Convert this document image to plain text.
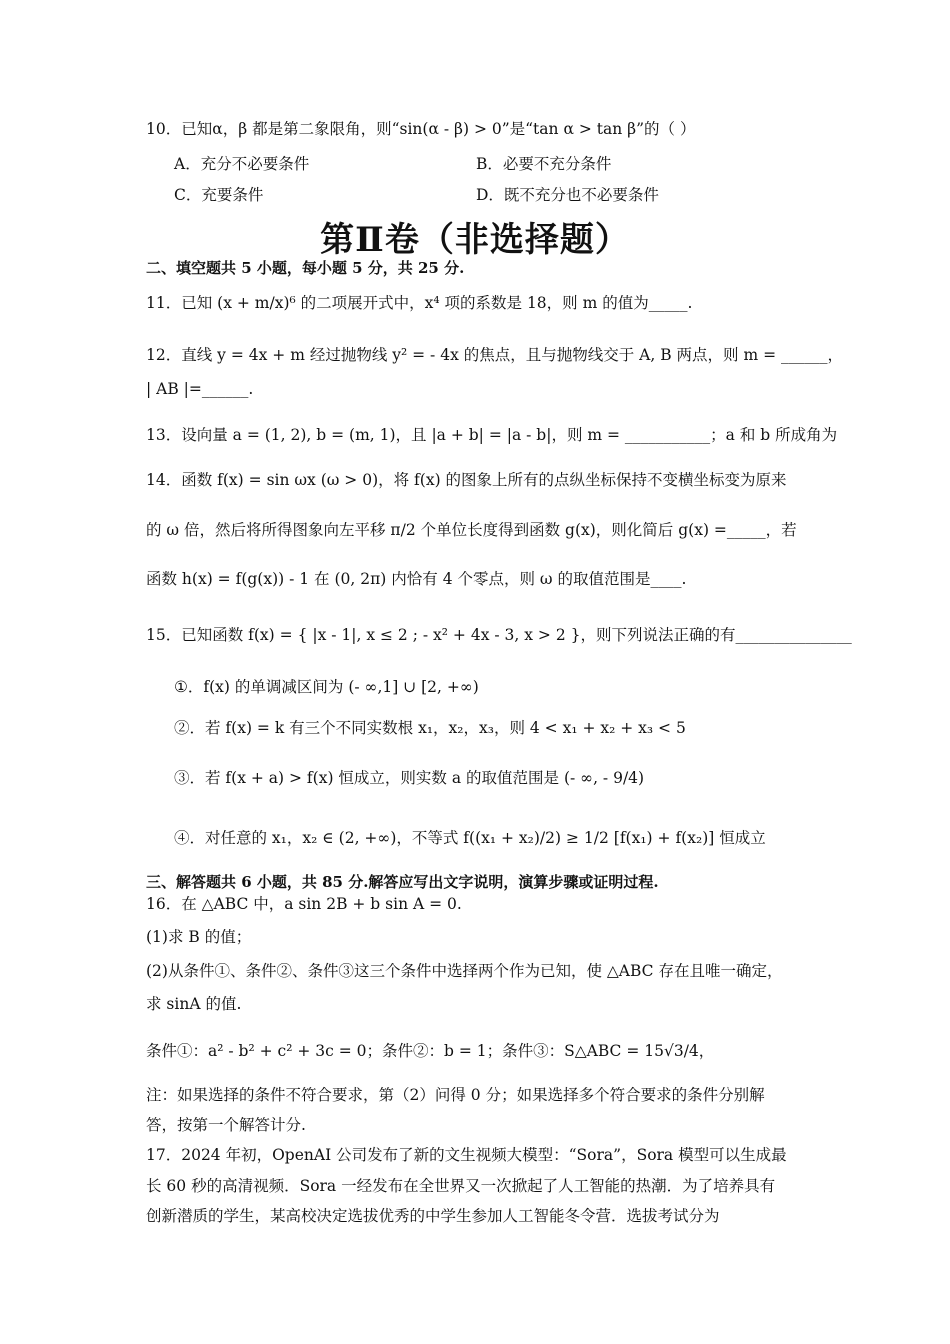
10．已知α，β 都是第二象限角，则“sin(α - β) > 0”是“tan α > tan β”的（ ）
A．充分不必要条件	B．必要不充分条件
C．充要条件	D．既不充分也不必要条件
第Ⅱ卷（非选择题）
二、填空题共 5 小题，每小题 5 分，共 25 分.
11．已知 (x + m/x)⁶ 的二项展开式中，x⁴ 项的系数是 18，则 m 的值为_____.
12．直线 y = 4x + m 经过抛物线 y² = - 4x 的焦点，且与抛物线交于 A, B 两点，则 m = ______，
| AB |=______.
13．设向量 a = (1, 2), b = (m, 1)，且 |a + b| = |a - b|，则 m = ___________；a 和 b 所成角为
14．函数 f(x) = sin ωx (ω > 0)，将 f(x) 的图象上所有的点纵坐标保持不变横坐标变为原来
的 ω 倍，然后将所得图象向左平移 π/2 个单位长度得到函数 g(x)，则化简后 g(x) =_____，若
函数 h(x) = f(g(x)) - 1 在 (0, 2π) 内恰有 4 个零点，则 ω 的取值范围是____.
15．已知函数 f(x) = { |x - 1|, x ≤ 2 ; - x² + 4x - 3, x > 2 }，则下列说法正确的有_______________
①．f(x) 的单调减区间为 (- ∞,1] ∪ [2, +∞)
②．若 f(x) = k 有三个不同实数根 x₁，x₂，x₃，则 4 < x₁ + x₂ + x₃ < 5
③．若 f(x + a) > f(x) 恒成立，则实数 a 的取值范围是 (- ∞, - 9/4)
④．对任意的 x₁，x₂ ∈ (2, +∞)，不等式 f((x₁ + x₂)/2) ≥ 1/2 [f(x₁) + f(x₂)] 恒成立
三、解答题共 6 小题，共 85 分.解答应写出文字说明，演算步骤或证明过程.
16．在 △ABC 中，a sin 2B + b sin A = 0.
(1)求 B 的值；
(2)从条件①、条件②、条件③这三个条件中选择两个作为已知，使 △ABC 存在且唯一确定，
求 sinA 的值.
条件①：a² - b² + c² + 3c = 0；条件②：b = 1；条件③：S△ABC = 15√3/4，
注：如果选择的条件不符合要求，第（2）问得 0 分；如果选择多个符合要求的条件分别解
答，按第一个解答计分.
17．2024 年初，OpenAI 公司发布了新的文生视频大模型：“Sora”，Sora 模型可以生成最
长 60 秒的高清视频．Sora 一经发布在全世界又一次掀起了人工智能的热潮．为了培养具有
创新潜质的学生，某高校决定选拔优秀的中学生参加人工智能冬令营．选拔考试分为
